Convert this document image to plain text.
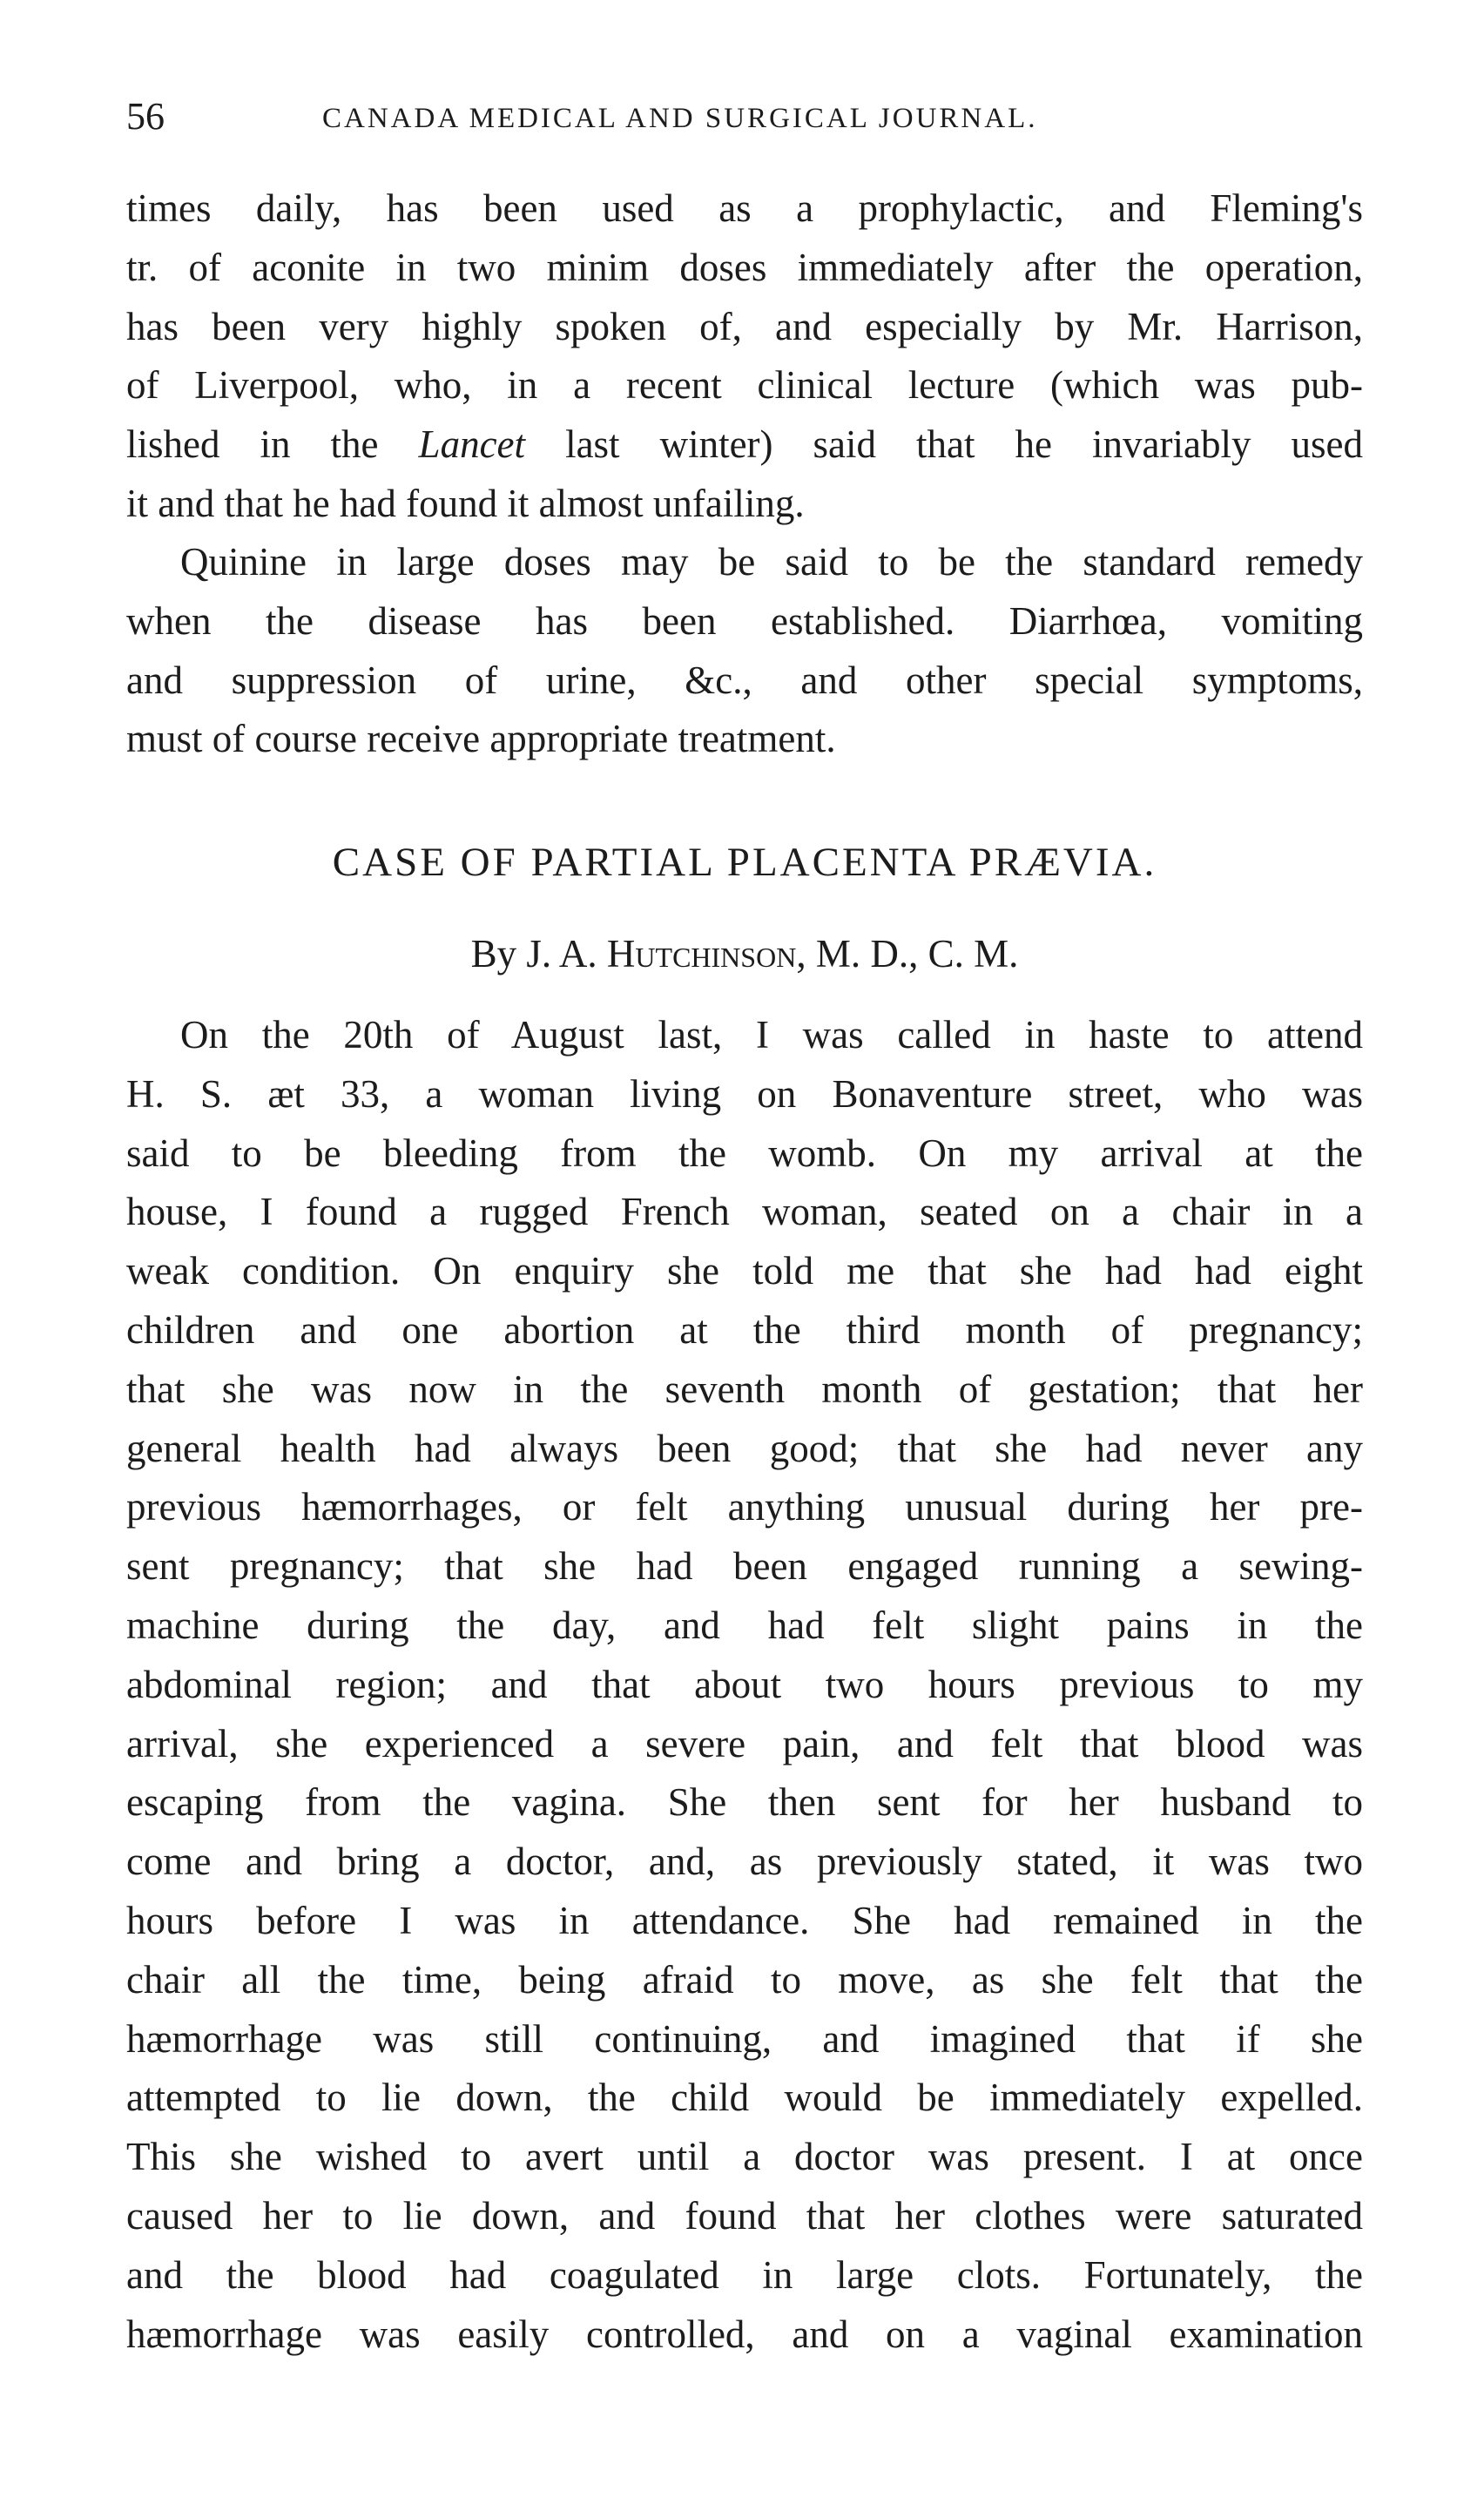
56	CANADA MEDICAL AND SURGICAL JOURNAL.
times daily, has been used as a prophylactic, and Fleming's
tr. of aconite in two minim doses immediately after the operation,
has been very highly spoken of, and especially by Mr. Harrison,
of Liverpool, who, in a recent clinical lecture (which was pub-
lished in the Lancet last winter) said that he invariably used
it and that he had found it almost unfailing.
Quinine in large doses may be said to be the standard remedy
when the disease has been established. Diarrhœa, vomiting
and suppression of urine, &c., and other special symptoms,
must of course receive appropriate treatment.
CASE OF PARTIAL PLACENTA PRÆVIA.
By J. A. Hutchinson, M. D., C. M.
On the 20th of August last, I was called in haste to attend
H. S. æt 33, a woman living on Bonaventure street, who was
said to be bleeding from the womb. On my arrival at the
house, I found a rugged French woman, seated on a chair in a
weak condition. On enquiry she told me that she had had eight
children and one abortion at the third month of pregnancy;
that she was now in the seventh month of gestation; that her
general health had always been good; that she had never any
previous hæmorrhages, or felt anything unusual during her pre-
sent pregnancy; that she had been engaged running a sewing-
machine during the day, and had felt slight pains in the
abdominal region; and that about two hours previous to my
arrival, she experienced a severe pain, and felt that blood was
escaping from the vagina. She then sent for her husband to
come and bring a doctor, and, as previously stated, it was two
hours before I was in attendance. She had remained in the
chair all the time, being afraid to move, as she felt that the
hæmorrhage was still continuing, and imagined that if she
attempted to lie down, the child would be immediately expelled.
This she wished to avert until a doctor was present. I at once
caused her to lie down, and found that her clothes were saturated
and the blood had coagulated in large clots. Fortunately, the
hæmorrhage was easily controlled, and on a vaginal examination
